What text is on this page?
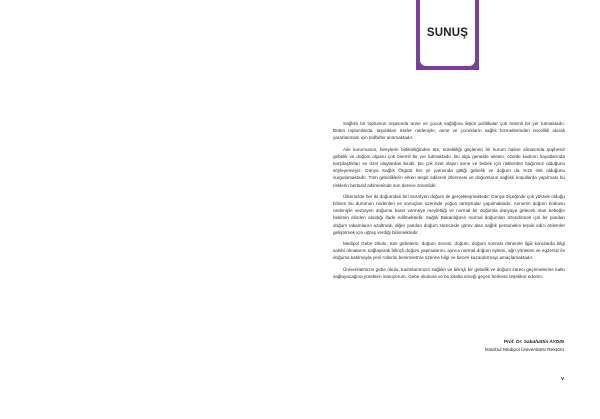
SUNUŞ

Sağlıklı bir toplumun inşasında anne ve çocuk sağlığına ilişkin politikalar çok önemli bir yer tutmaktadır. Bütün toplumlarda, taşıdıkları riskler nedeniyle, anne ve çocukların sağlık hizmetlerinden öncelikli olarak yararlanması için tedbirler alınmaktadır.

Aile kurumunun, bireylerin birlikteliğinden öte, sürekliliği güçlenen bir kurum haline almasında şüphesiz gebelik ve doğum olgusu çok önemli bir yer tutmaktadır. Bu olgu genelde ailenin, özelde kadının hayatlarında karşılaştıkları en özel olaylardan biridir. Bu çok özel olayın anne ve bebek için risklerden bağımsız olduğunu söyleyemeyiz. Dünya Sağlık Örgütü her yıl yarısında gittiği gebelik ve doğum da %15 risk olduğunu vurgulamaktadır. Tüm gebeliklerin erken tespit edilerek izlenmesi ve doğumların sağlıklı koşullarda yapılması bu risklerin bertaraf edilmesinde son derece önemlidir.

Ülkemizde her iki doğumdan biri sezaryen doğum ile gerçekleşmektedir. Dünya ölçeğinde çok yüksek olduğu bilinen bu durumun nedenleri ve sonuçları üzerinde yoğun tartışmalar yapılmaktadır. Annenin doğum korkusu nedeniyle sezaryen doğuma karar vermeye meylettiği ve normal bir doğumla dünyaya gelecek olan bebeğin hekimin elinden alındığı ifade edilmektedir. Sağlık Bakanlığının normal doğumları özendirmek için bir yandan doğum rakamlarını azaltmak, diğer yandan doğum sürecinde görev alan sağlık personelini teşvik edici önlemler geliştirmek için uğraş verdiği bilinmektedir.

Medipol Gebe Okulu, tüm gebelerin, doğum öncesi, doğum, doğum sonrası dönemle ilgili konularda bilgi sahibi olmalarını sağlayarak bilinçli doğum yapmalarını, ayrıca normal doğum eylemi, ağrı yönetimi ve egzersiz ile doğuma katılmayla yeni rollerini benimsetme üzerine bilgi ve beceri kazandırmayı amaçlamaktadır.

Üniversitemizin gebe okulu, kadınlarımızın sağlıklı ve bilinçli bir gebelik ve doğum süreci geçirmelerine katkı sağlayacağına yürekten inanıyorum. Gebe okuluna ve bu kitaba emeği geçen herkese teşekkür ederim.

Prof. Dr. Sabahattin AYDIN
İstanbul Medipol Üniversitesi Rektörü
v
